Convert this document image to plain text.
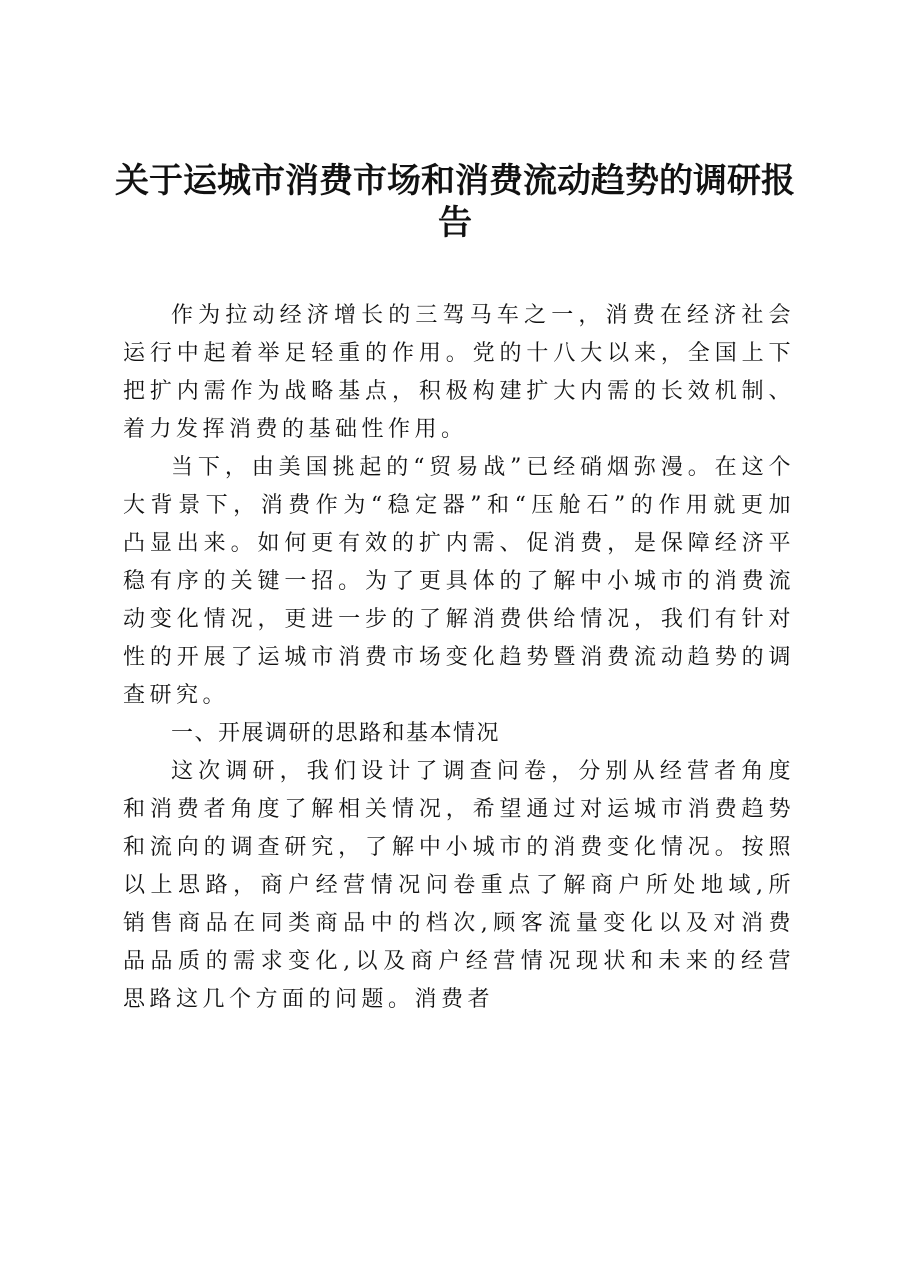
关于运城市消费市场和消费流动趋势的调研报告

作为拉动经济增长的三驾马车之一，消费在经济社会运行中起着举足轻重的作用。党的十八大以来，全国上下把扩内需作为战略基点，积极构建扩大内需的长效机制、着力发挥消费的基础性作用。

当下，由美国挑起的“贸易战”已经硝烟弥漫。在这个大背景下，消费作为“稳定器”和“压舱石”的作用就更加凸显出来。如何更有效的扩内需、促消费，是保障经济平稳有序的关键一招。为了更具体的了解中小城市的消费流动变化情况，更进一步的了解消费供给情况，我们有针对性的开展了运城市消费市场变化趋势暨消费流动趋势的调查研究。

一、开展调研的思路和基本情况

这次调研，我们设计了调查问卷，分别从经营者角度和消费者角度了解相关情况，希望通过对运城市消费趋势和流向的调查研究，了解中小城市的消费变化情况。按照以上思路，商户经营情况问卷重点了解商户所处地域,所销售商品在同类商品中的档次,顾客流量变化以及对消费品品质的需求变化,以及商户经营情况现状和未来的经营思路这几个方面的问题。消费者
